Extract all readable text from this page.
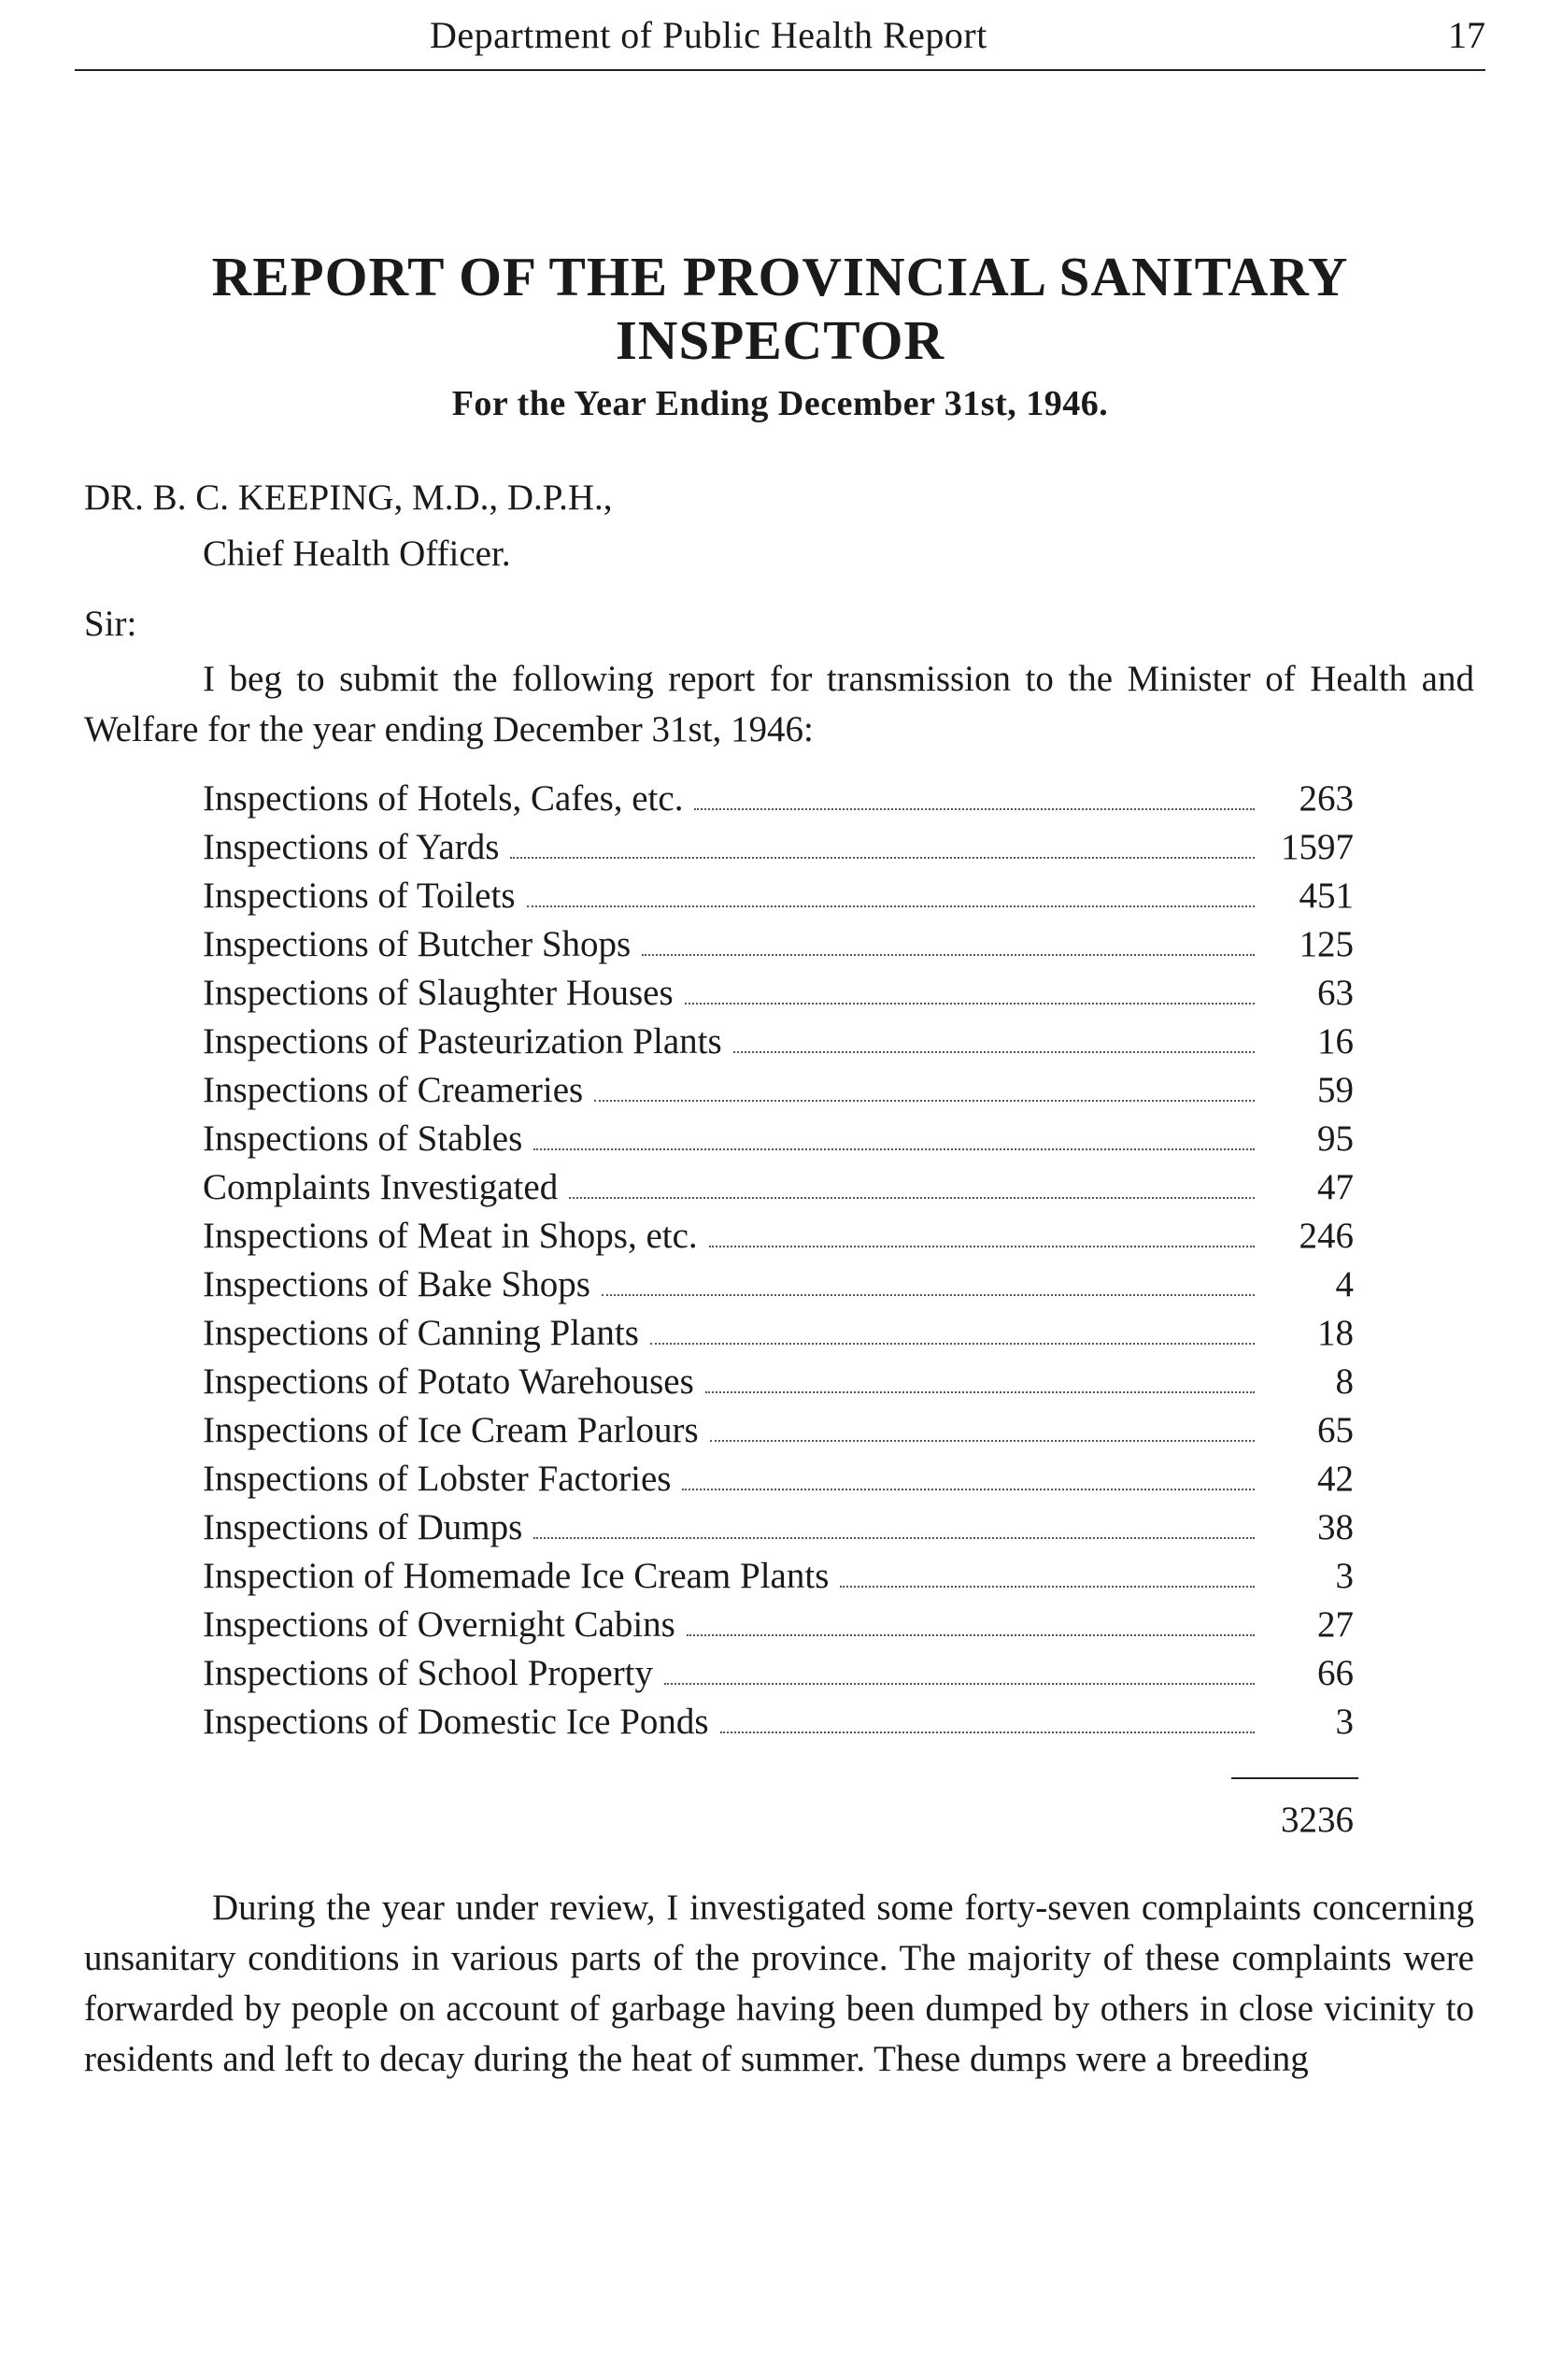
Department of Public Health Report	17
REPORT OF THE PROVINCIAL SANITARY
INSPECTOR
For the Year Ending December 31st, 1946.
DR. B. C. KEEPING, M.D., D.P.H.,
Chief Health Officer.
Sir:

I beg to submit the following report for transmission to the Minister of Health and Welfare for the year ending December 31st, 1946:

Inspections of Hotels, Cafes, etc.	263
Inspections of Yards	1597
Inspections of Toilets	451
Inspections of Butcher Shops	125
Inspections of Slaughter Houses	63
Inspections of Pasteurization Plants	16
Inspections of Creameries	59
Inspections of Stables	95
Complaints Investigated	47
Inspections of Meat in Shops, etc.	246
Inspections of Bake Shops	4
Inspections of Canning Plants	18
Inspections of Potato Warehouses	8
Inspections of Ice Cream Parlours	65
Inspections of Lobster Factories	42
Inspections of Dumps	38
Inspection of Homemade Ice Cream Plants	3
Inspections of Overnight Cabins	27
Inspections of School Property	66
Inspections of Domestic Ice Ponds	3
3236

During the year under review, I investigated some forty-seven complaints concerning unsanitary conditions in various parts of the province. The majority of these complaints were forwarded by people on account of garbage having been dumped by others in close vicinity to residents and left to decay during the heat of summer. These dumps were a breeding
